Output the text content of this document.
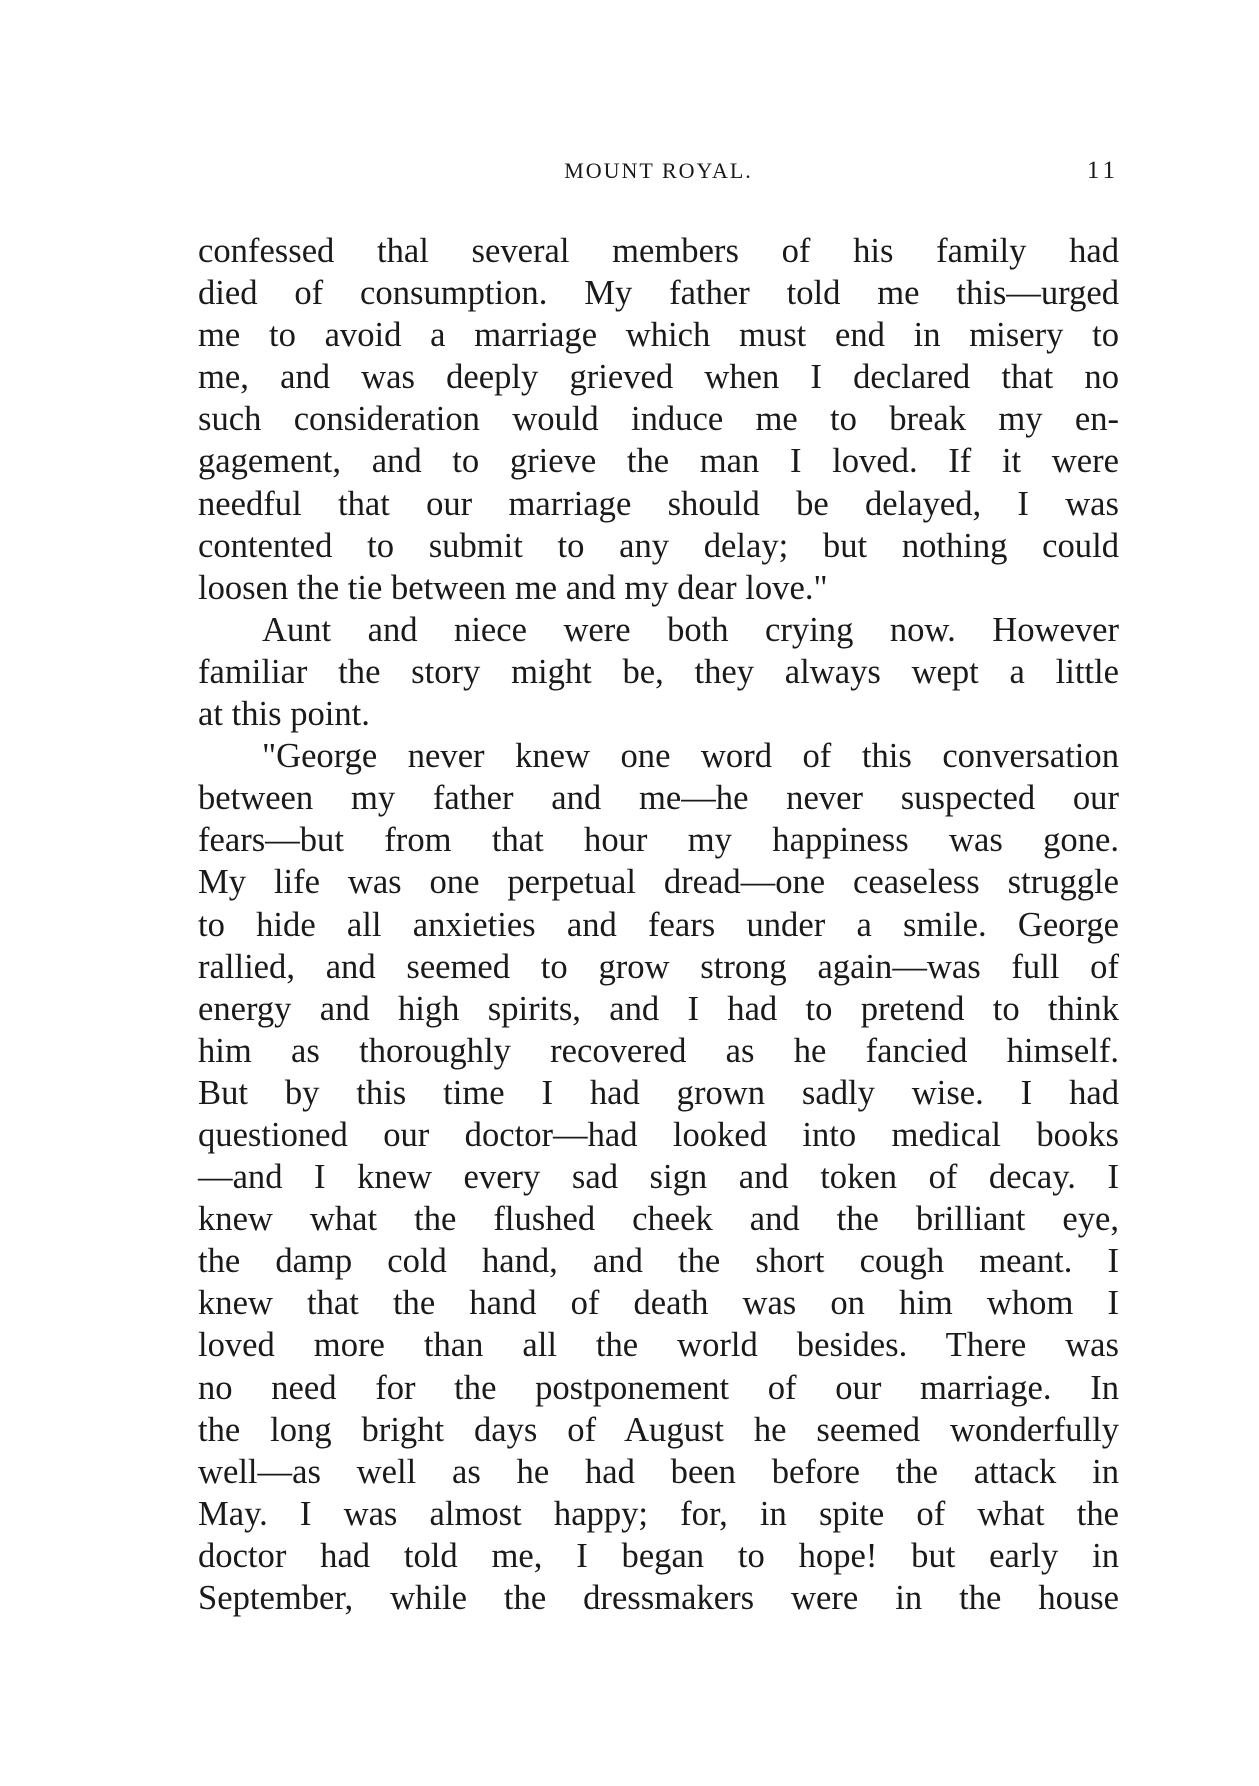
MOUNT ROYAL.	11
confessed thal several members of his family had
died of consumption. My father told me this—urged
me to avoid a marriage which must end in misery to
me, and was deeply grieved when I declared that no
such consideration would induce me to break my en-
gagement, and to grieve the man I loved. If it were
needful that our marriage should be delayed, I was
contented to submit to any delay; but nothing could
loosen the tie between me and my dear love."
Aunt and niece were both crying now. However
familiar the story might be, they always wept a little
at this point.
"George never knew one word of this conversation
between my father and me—he never suspected our
fears—but from that hour my happiness was gone.
My life was one perpetual dread—one ceaseless struggle
to hide all anxieties and fears under a smile. George
rallied, and seemed to grow strong again—was full of
energy and high spirits, and I had to pretend to think
him as thoroughly recovered as he fancied himself.
But by this time I had grown sadly wise. I had
questioned our doctor—had looked into medical books
—and I knew every sad sign and token of decay. I
knew what the flushed cheek and the brilliant eye,
the damp cold hand, and the short cough meant. I
knew that the hand of death was on him whom I
loved more than all the world besides. There was
no need for the postponement of our marriage. In
the long bright days of August he seemed wonderfully
well—as well as he had been before the attack in
May. I was almost happy; for, in spite of what the
doctor had told me, I began to hope! but early in
September, while the dressmakers were in the house
